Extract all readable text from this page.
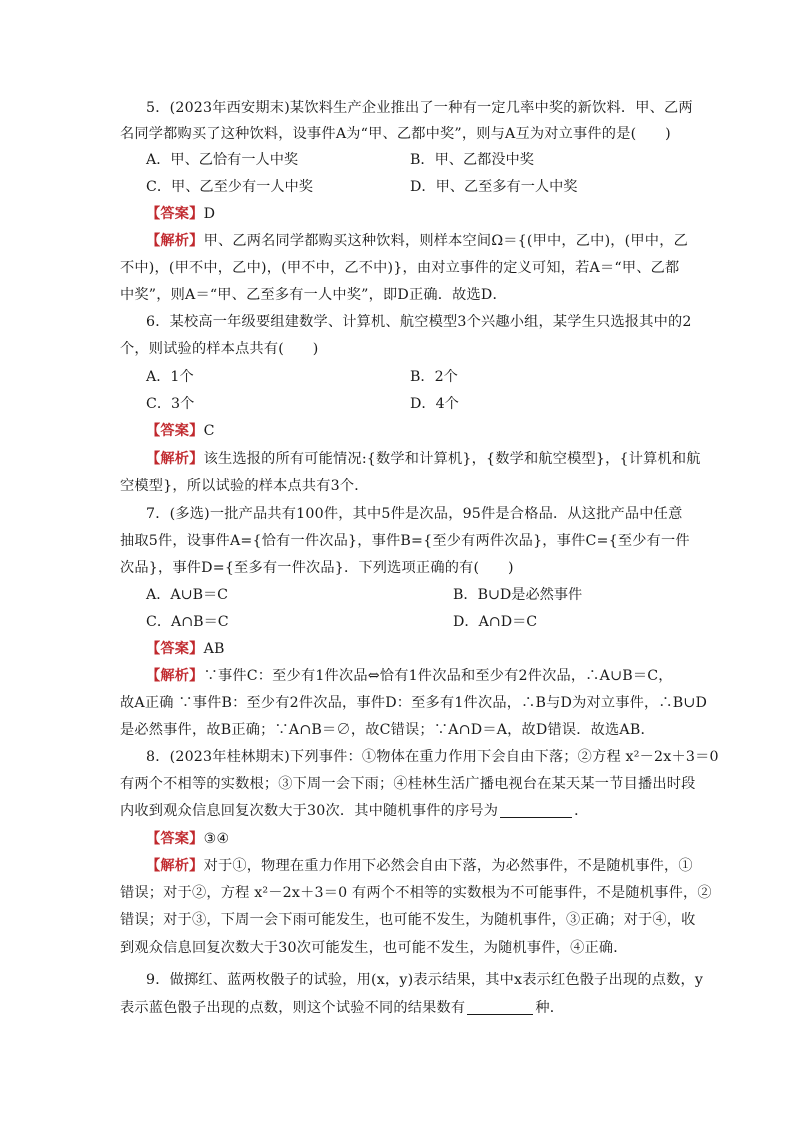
5．(2023年西安期末)某饮料生产企业推出了一种有一定几率中奖的新饮料．甲、乙两
名同学都购买了这种饮料，设事件A为“甲、乙都中奖”，则与A互为对立事件的是(　　)
A．甲、乙恰有一人中奖	B．甲、乙都没中奖
C．甲、乙至少有一人中奖	D．甲、乙至多有一人中奖
【答案】D
【解析】甲、乙两名同学都购买这种饮料，则样本空间Ω＝{(甲中，乙中)，(甲中，乙
不中)，(甲不中，乙中)，(甲不中，乙不中)}，由对立事件的定义可知，若A＝“甲、乙都
中奖”，则A＝“甲、乙至多有一人中奖”，即D正确．故选D．
6．某校高一年级要组建数学、计算机、航空模型3个兴趣小组，某学生只选报其中的2
个，则试验的样本点共有(　　)
A．1个	B．2个
C．3个	D．4个
【答案】C
【解析】该生选报的所有可能情况:{数学和计算机}，{数学和航空模型}，{计算机和航
空模型}，所以试验的样本点共有3个．
7．(多选)一批产品共有100件，其中5件是次品，95件是合格品．从这批产品中任意
抽取5件，设事件A={恰有一件次品}，事件B={至少有两件次品}，事件C={至少有一件
次品}，事件D={至多有一件次品}．下列选项正确的有(　　)
A．A∪B＝C	B．B∪D是必然事件
C．A∩B＝C	D．A∩D＝C
【答案】AB
【解析】∵事件C：至少有1件次品⇔恰有1件次品和至少有2件次品，∴A∪B＝C，
故A正确 ∵事件B：至少有2件次品，事件D：至多有1件次品，∴B与D为对立事件，∴B∪D
是必然事件，故B正确；∵A∩B＝∅，故C错误；∵A∩D＝A，故D错误．故选AB．
8．(2023年桂林期末)下列事件：①物体在重力作用下会自由下落；②方程 x²－2x＋3＝0
有两个不相等的实数根；③下周一会下雨；④桂林生活广播电视台在某天某一节目播出时段
内收到观众信息回复次数大于30次．其中随机事件的序号为	．
【答案】③④
【解析】对于①，物理在重力作用下必然会自由下落，为必然事件，不是随机事件，①
错误；对于②，方程 x²－2x＋3＝0 有两个不相等的实数根为不可能事件，不是随机事件，②
错误；对于③，下周一会下雨可能发生，也可能不发生，为随机事件，③正确；对于④，收
到观众信息回复次数大于30次可能发生，也可能不发生，为随机事件，④正确．
9．做掷红、蓝两枚骰子的试验，用(x，y)表示结果，其中x表示红色骰子出现的点数，y
表示蓝色骰子出现的点数，则这个试验不同的结果数有	种．
